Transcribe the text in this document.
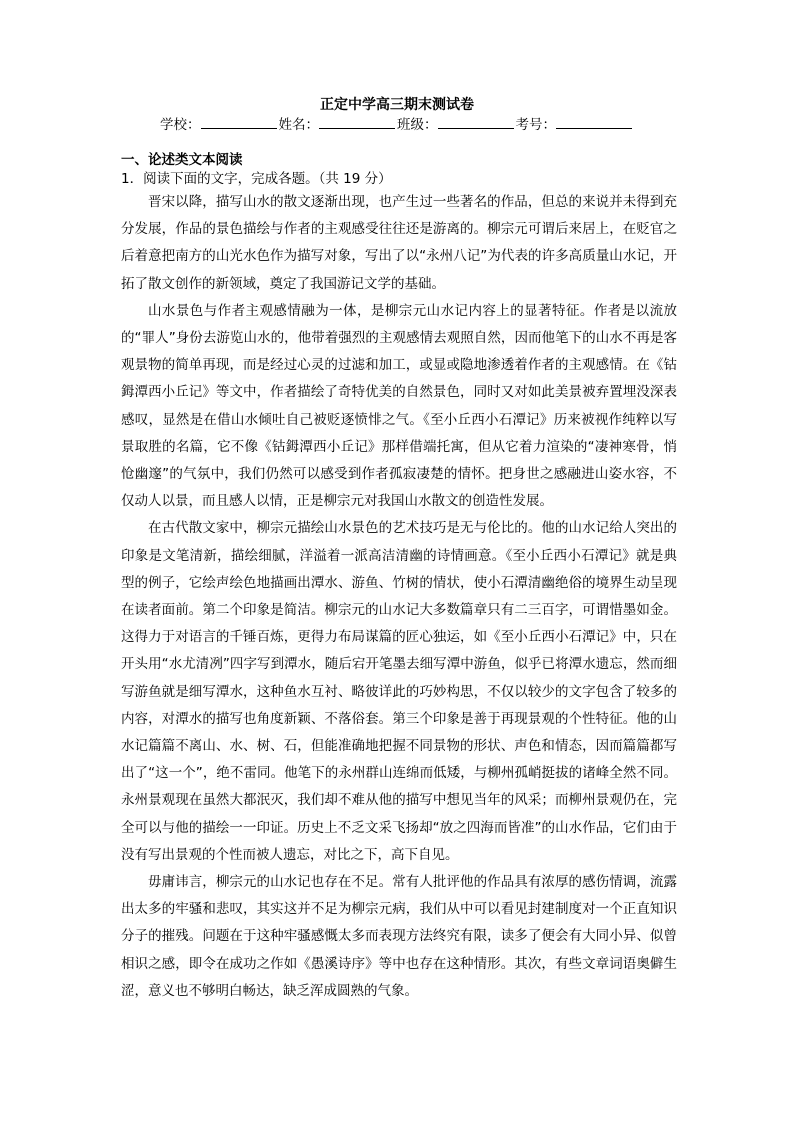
正定中学高三期末测试卷
学校：	姓名：	班级：	考号：
一、论述类文本阅读
1．阅读下面的文字，完成各题。（共 19 分）

晋宋以降，描写山水的散文逐渐出现，也产生过一些著名的作品，但总的来说并未得到充分发展，作品的景色描绘与作者的主观感受往往还是游离的。柳宗元可谓后来居上，在贬官之后着意把南方的山光水色作为描写对象，写出了以“永州八记”为代表的许多高质量山水记，开拓了散文创作的新领域，奠定了我国游记文学的基础。

山水景色与作者主观感情融为一体，是柳宗元山水记内容上的显著特征。作者是以流放的“罪人”身份去游览山水的，他带着强烈的主观感情去观照自然，因而他笔下的山水不再是客观景物的简单再现，而是经过心灵的过滤和加工，或显或隐地渗透着作者的主观感情。在《钴鉧潭西小丘记》等文中，作者描绘了奇特优美的自然景色，同时又对如此美景被弃置埋没深表感叹，显然是在借山水倾吐自己被贬逐愤悱之气。《至小丘西小石潭记》历来被视作纯粹以写景取胜的名篇，它不像《钴鉧潭西小丘记》那样借端托寓，但从它着力渲染的“凄神寒骨，悄怆幽邃”的气氛中，我们仍然可以感受到作者孤寂凄楚的情怀。把身世之感融进山姿水容，不仅动人以景，而且感人以情，正是柳宗元对我国山水散文的创造性发展。

在古代散文家中，柳宗元描绘山水景色的艺术技巧是无与伦比的。他的山水记给人突出的印象是文笔清新，描绘细腻，洋溢着一派高洁清幽的诗情画意。《至小丘西小石潭记》就是典型的例子，它绘声绘色地描画出潭水、游鱼、竹树的情状，使小石潭清幽绝俗的境界生动呈现在读者面前。第二个印象是简洁。柳宗元的山水记大多数篇章只有二三百字，可谓惜墨如金。这得力于对语言的千锤百炼，更得力布局谋篇的匠心独运，如《至小丘西小石潭记》中，只在开头用“水尤清冽”四字写到潭水，随后宕开笔墨去细写潭中游鱼，似乎已将潭水遗忘，然而细写游鱼就是细写潭水，这种鱼水互衬、略彼详此的巧妙构思，不仅以较少的文字包含了较多的内容，对潭水的描写也角度新颖、不落俗套。第三个印象是善于再现景观的个性特征。他的山水记篇篇不离山、水、树、石，但能准确地把握不同景物的形状、声色和情态，因而篇篇都写出了“这一个”，绝不雷同。他笔下的永州群山连绵而低矮，与柳州孤峭挺拔的诸峰全然不同。永州景观现在虽然大都泯灭，我们却不难从他的描写中想见当年的风采；而柳州景观仍在，完全可以与他的描绘一一印证。历史上不乏文采飞扬却“放之四海而皆准”的山水作品，它们由于没有写出景观的个性而被人遗忘，对比之下，高下自见。

毋庸讳言，柳宗元的山水记也存在不足。常有人批评他的作品具有浓厚的感伤情调，流露出太多的牢骚和悲叹，其实这并不足为柳宗元病，我们从中可以看见封建制度对一个正直知识分子的摧残。问题在于这种牢骚感慨太多而表现方法终究有限，读多了便会有大同小异、似曾相识之感，即令在成功之作如《愚溪诗序》等中也存在这种情形。其次，有些文章词语奥僻生涩，意义也不够明白畅达，缺乏浑成圆熟的气象。
